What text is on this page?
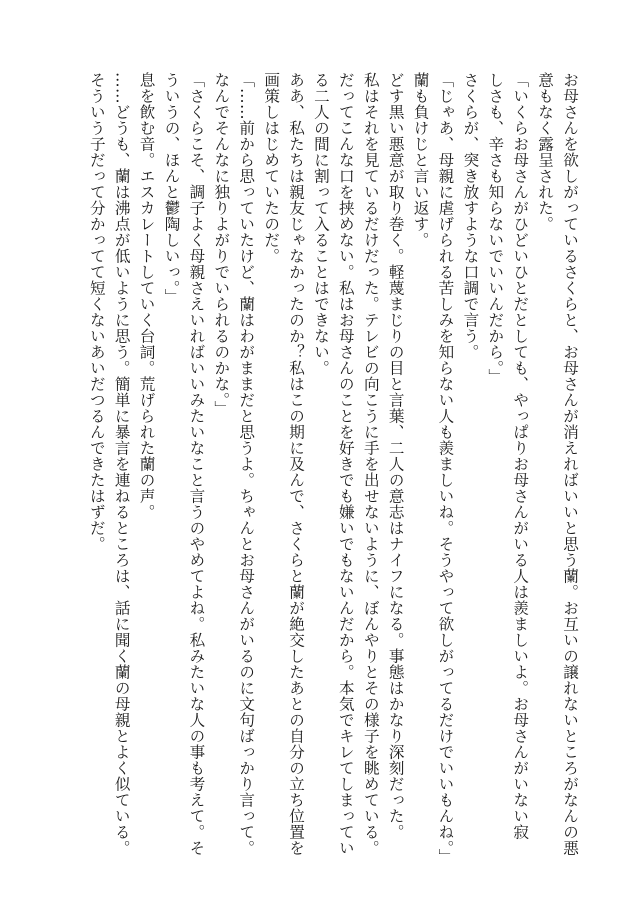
お母さんを欲しがっているさくらと、お母さんが消えればいいと思う蘭。お互いの譲れないところがなんの悪
意もなく露呈された。
「いくらお母さんがひどいひとだとしても、やっぱりお母さんがいる人は羨ましいよ。お母さんがいない寂
しさも、辛さも知らないでいいんだから。」
さくらが、突き放すような口調で言う。
「じゃあ、母親に虐げられる苦しみを知らない人も羨ましいね。そうやって欲しがってるだけでいいもんね。」
蘭も負けじと言い返す。
どす黒い悪意が取り巻く。軽蔑まじりの目と言葉、二人の意志はナイフになる。事態はかなり深刻だった。
私はそれを見ているだけだった。テレビの向こうに手を出せないように、ぼんやりとその様子を眺めている。
だってこんな口を挟めない。私はお母さんのことを好きでも嫌いでもないんだから。本気でキレてしまってい
る二人の間に割って入ることはできない。
ああ、私たちは親友じゃなかったのか？私はこの期に及んで、さくらと蘭が絶交したあとの自分の立ち位置を
画策しはじめていたのだ。
「……前から思っていたけど、蘭はわがままだと思うよ。ちゃんとお母さんがいるのに文句ばっかり言って。
なんでそんなに独りよがりでいられるのかな。」
「さくらこそ、調子よく母親さえいればいいみたいなこと言うのやめてよね。私みたいな人の事も考えて。そ
ういうの、ほんと鬱陶しいっ。」
息を飲む音。エスカレートしていく台詞。荒げられた蘭の声。
……どうも、蘭は沸点が低いように思う。簡単に暴言を連ねるところは、話に聞く蘭の母親とよく似ている。
そういう子だって分かってて短くないあいだつるんできたはずだ。
